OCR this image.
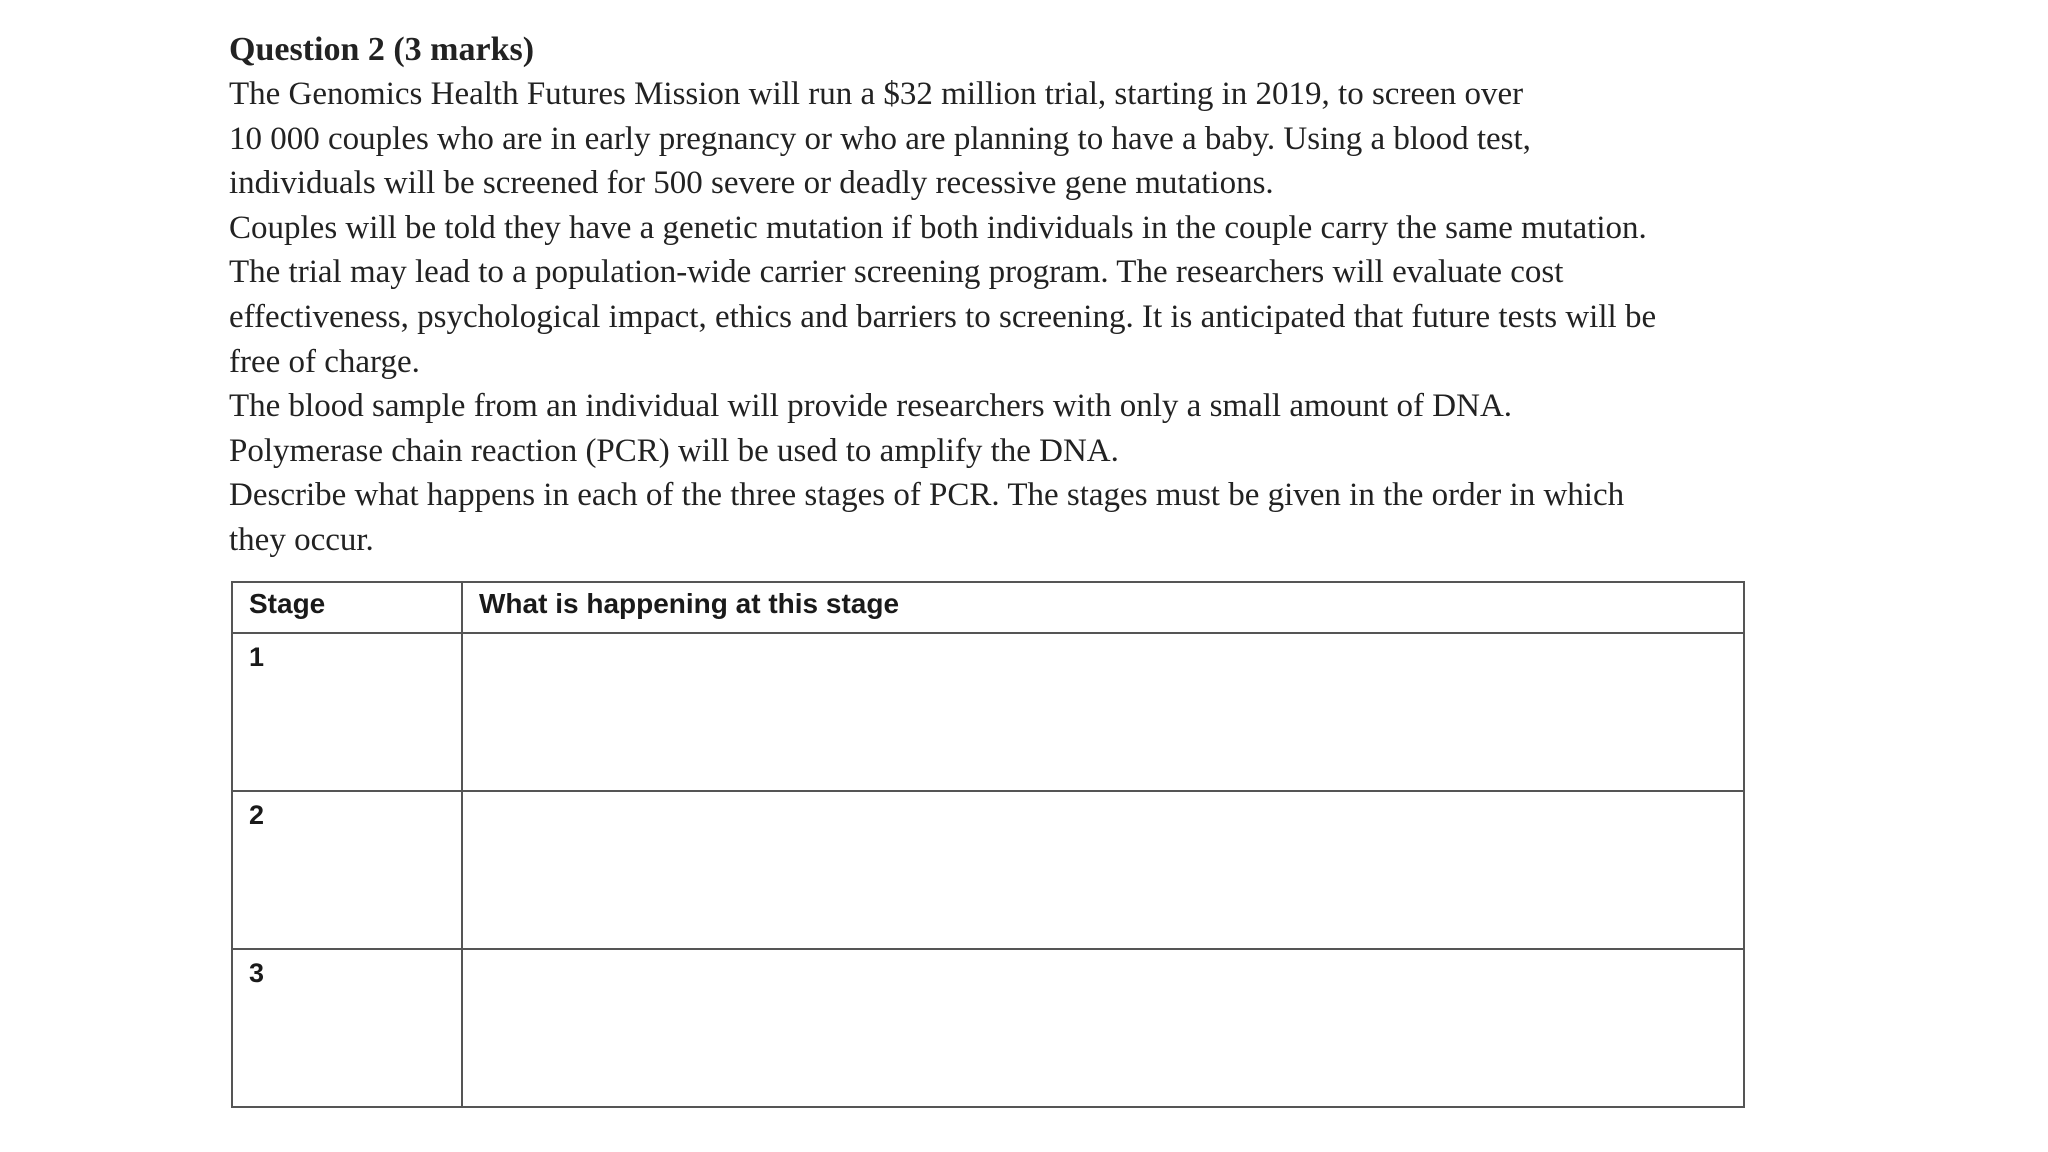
Question 2 (3 marks)

The Genomics Health Futures Mission will run a $32 million trial, starting in 2019, to screen over
10 000 couples who are in early pregnancy or who are planning to have a baby. Using a blood test,
individuals will be screened for 500 severe or deadly recessive gene mutations.

Couples will be told they have a genetic mutation if both individuals in the couple carry the same mutation.
The trial may lead to a population-wide carrier screening program. The researchers will evaluate cost
effectiveness, psychological impact, ethics and barriers to screening. It is anticipated that future tests will be
free of charge.

The blood sample from an individual will provide researchers with only a small amount of DNA.
Polymerase chain reaction (PCR) will be used to amplify the DNA.

Describe what happens in each of the three stages of PCR. The stages must be given in the order in which
they occur.

Stage	What is happening at this stage
1	
2	
3	
